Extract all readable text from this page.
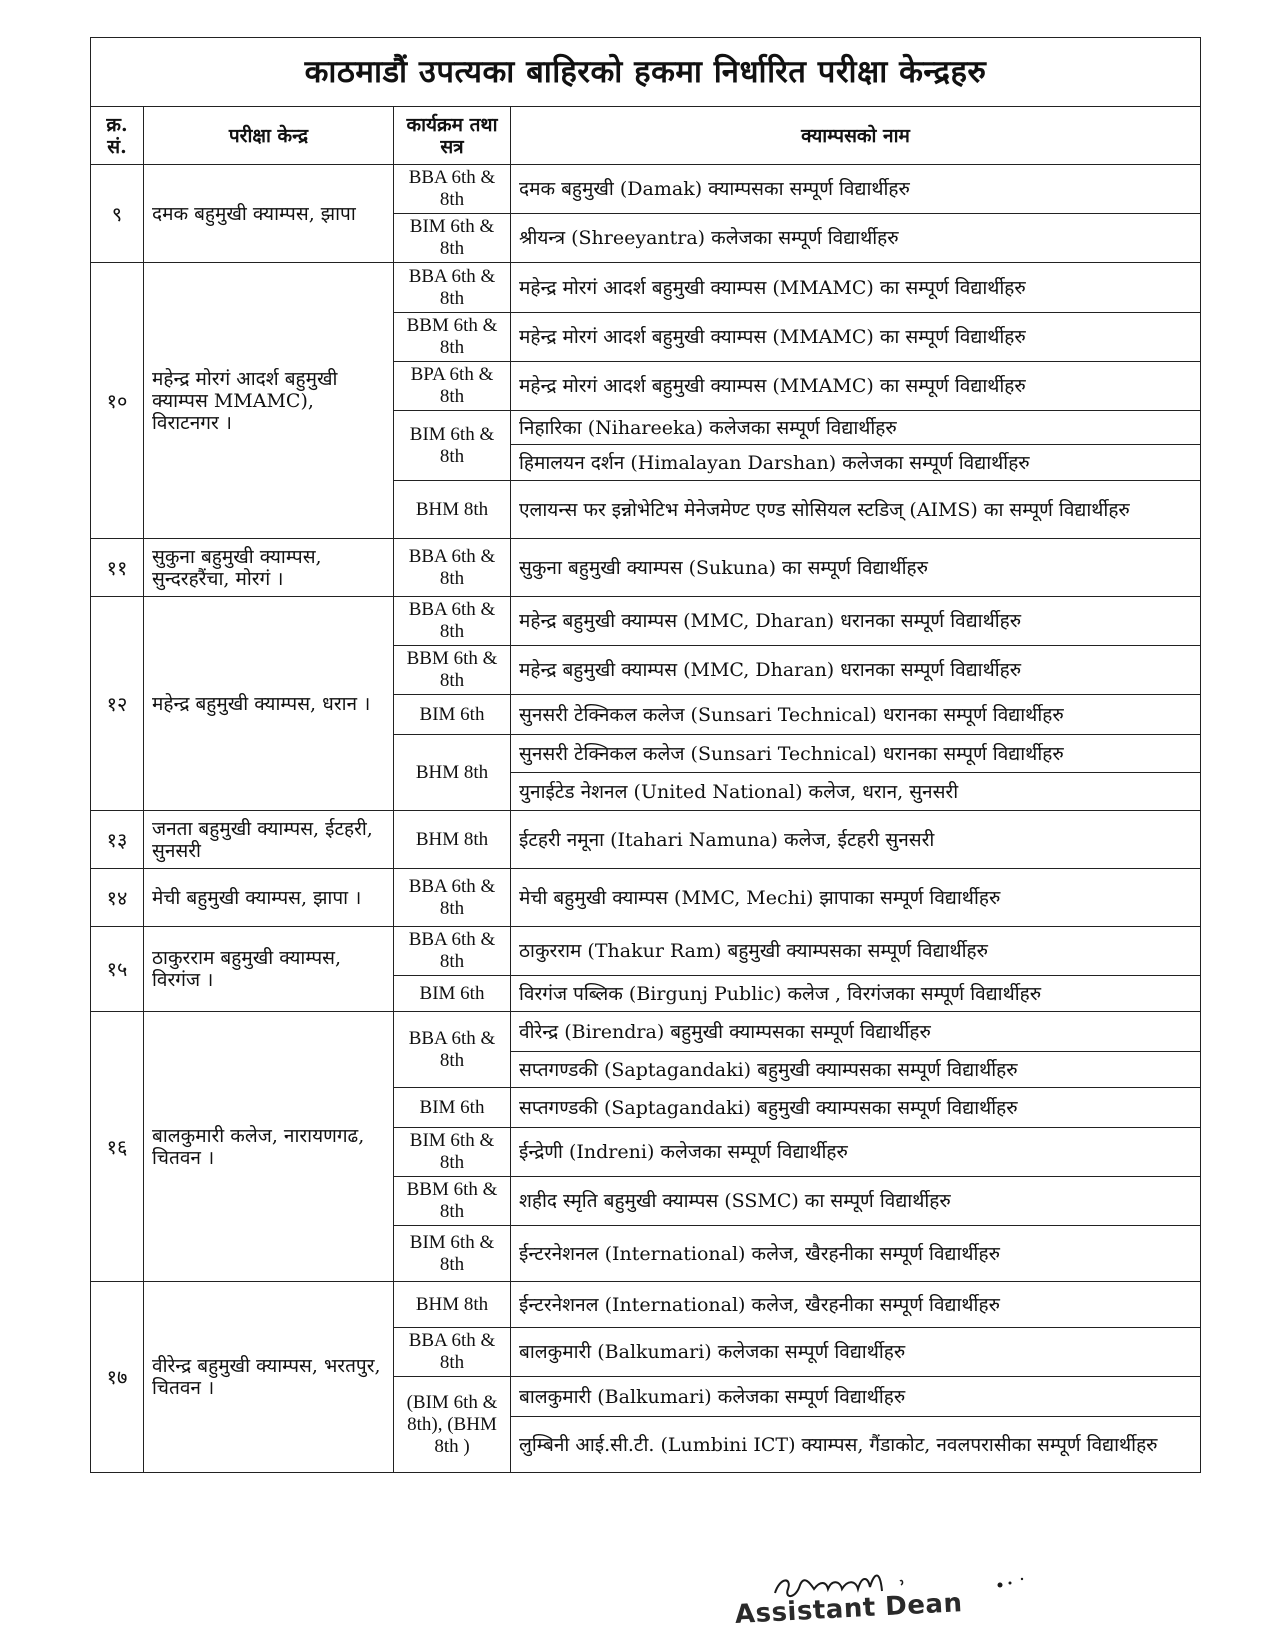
काठमाडौं उपत्यका बाहिरको हकमा निर्धारित परीक्षा केन्द्रहरु			
क्र. सं.	परीक्षा केन्द्र	कार्यक्रम तथा सत्र	क्याम्पसको नाम
९	दमक बहुमुखी क्याम्पस, झापा	BBA 6th & 8th	दमक बहुमुखी (Damak) क्याम्पसका सम्पूर्ण विद्यार्थीहरु
		BIM 6th & 8th	श्रीयन्त्र (Shreeyantra) कलेजका सम्पूर्ण विद्यार्थीहरु
१०	महेन्द्र मोरगं आदर्श बहुमुखी क्याम्पस MMAMC), विराटनगर ।	BBA 6th & 8th	महेन्द्र मोरगं आदर्श बहुमुखी क्याम्पस (MMAMC) का सम्पूर्ण विद्यार्थीहरु
		BBM 6th & 8th	महेन्द्र मोरगं आदर्श बहुमुखी क्याम्पस (MMAMC) का सम्पूर्ण विद्यार्थीहरु
		BPA 6th & 8th	महेन्द्र मोरगं आदर्श बहुमुखी क्याम्पस (MMAMC) का सम्पूर्ण विद्यार्थीहरु
		BIM 6th & 8th	निहारिका (Nihareeka) कलेजका सम्पूर्ण विद्यार्थीहरु
			हिमालयन दर्शन (Himalayan Darshan) कलेजका सम्पूर्ण विद्यार्थीहरु
		BHM 8th	एलायन्स फर इन्नोभेटिभ मेनेजमेण्ट एण्ड सोसियल स्टडिज् (AIMS) का सम्पूर्ण विद्यार्थीहरु
११	सुकुना बहुमुखी क्याम्पस, सुन्दरहरैंचा, मोरगं ।	BBA 6th & 8th	सुकुना बहुमुखी क्याम्पस (Sukuna) का सम्पूर्ण विद्यार्थीहरु
१२	महेन्द्र बहुमुखी क्याम्पस, धरान ।	BBA 6th & 8th	महेन्द्र बहुमुखी क्याम्पस (MMC, Dharan) धरानका सम्पूर्ण विद्यार्थीहरु
		BBM 6th & 8th	महेन्द्र बहुमुखी क्याम्पस (MMC, Dharan) धरानका सम्पूर्ण विद्यार्थीहरु
		BIM 6th	सुनसरी टेक्निकल कलेज (Sunsari Technical) धरानका सम्पूर्ण विद्यार्थीहरु
		BHM 8th	सुनसरी टेक्निकल कलेज (Sunsari Technical) धरानका सम्पूर्ण विद्यार्थीहरु
			युनाईटेड नेशनल (United National) कलेज, धरान, सुनसरी
१३	जनता बहुमुखी क्याम्पस, ईटहरी, सुनसरी	BHM 8th	ईटहरी नमूना (Itahari Namuna) कलेज, ईटहरी सुनसरी
१४	मेची बहुमुखी क्याम्पस, झापा ।	BBA 6th & 8th	मेची बहुमुखी क्याम्पस (MMC, Mechi) झापाका सम्पूर्ण विद्यार्थीहरु
१५	ठाकुरराम बहुमुखी क्याम्पस, विरगंज ।	BBA 6th & 8th	ठाकुरराम (Thakur Ram) बहुमुखी क्याम्पसका सम्पूर्ण विद्यार्थीहरु
		BIM 6th	विरगंज पब्लिक (Birgunj Public) कलेज , विरगंजका सम्पूर्ण विद्यार्थीहरु
१६	बालकुमारी कलेज, नारायणगढ, चितवन ।	BBA 6th & 8th	वीरेन्द्र (Birendra) बहुमुखी क्याम्पसका सम्पूर्ण विद्यार्थीहरु
			सप्तगण्डकी (Saptagandaki) बहुमुखी क्याम्पसका सम्पूर्ण विद्यार्थीहरु
		BIM 6th	सप्तगण्डकी (Saptagandaki) बहुमुखी क्याम्पसका सम्पूर्ण विद्यार्थीहरु
		BIM 6th & 8th	ईन्द्रेणी (Indreni) कलेजका सम्पूर्ण विद्यार्थीहरु
		BBM 6th & 8th	शहीद स्मृति बहुमुखी क्याम्पस (SSMC) का सम्पूर्ण विद्यार्थीहरु
		BIM 6th & 8th	ईन्टरनेशनल (International) कलेज, खैरहनीका सम्पूर्ण विद्यार्थीहरु
१७	वीरेन्द्र बहुमुखी क्याम्पस, भरतपुर, चितवन ।	BHM 8th	ईन्टरनेशनल (International) कलेज, खैरहनीका सम्पूर्ण विद्यार्थीहरु
		BBA 6th & 8th	बालकुमारी (Balkumari) कलेजका सम्पूर्ण विद्यार्थीहरु
		(BIM 6th & 8th), (BHM 8th )	बालकुमारी (Balkumari) कलेजका सम्पूर्ण विद्यार्थीहरु
			लुम्बिनी आई.सी.टी. (Lumbini ICT) क्याम्पस, गैंडाकोट, नवलपरासीका सम्पूर्ण विद्यार्थीहरु
Assistant Dean
